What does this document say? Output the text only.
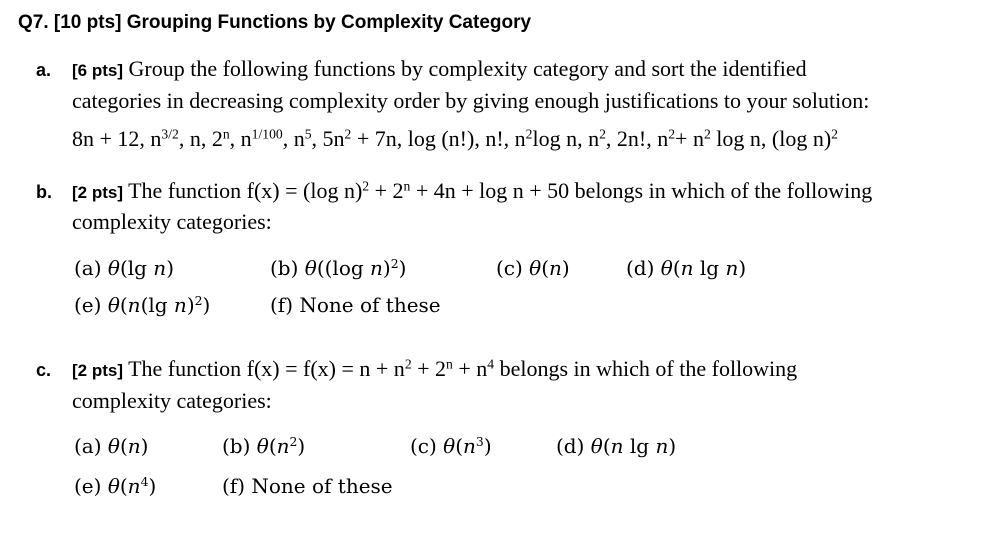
Q7. [10 pts] Grouping Functions by Complexity Category
a. [6 pts] Group the following functions by complexity category and sort the identified
categories in decreasing complexity order by giving enough justifications to your solution:
8n + 12, $n^{3/2}$, n, 2$^n$, $n^{1/100}$, $n^5$, $5n^2 + 7n$, log (n!), n!, $n^2\log$ n, $n^2$, 2n!, $n^2+ n^2$ log n, (log n)$^2$
b. [2 pts] The function f(x) = (log $n)^2 + 2^n + 4n + \log n + 50$ belongs in which of the following
complexity categories:
(a) θ(lg n)	(b) θ((log n)$^2$)	(c) θ(n)	(d) θ(n lg n)
(e) θ(n(lg n)$^2$)	(f) None of these
c. [2 pts] The function $f(x) = f(x) = n + n^2 + 2^n + n^4$ belongs in which of the following
complexity categories:
(a) θ(n)	(b) $\theta(n^2)$	(c) $\theta(n^3)$	(d) θ(n lg n)
(e) $\theta(n^4)$	(f) None of these
